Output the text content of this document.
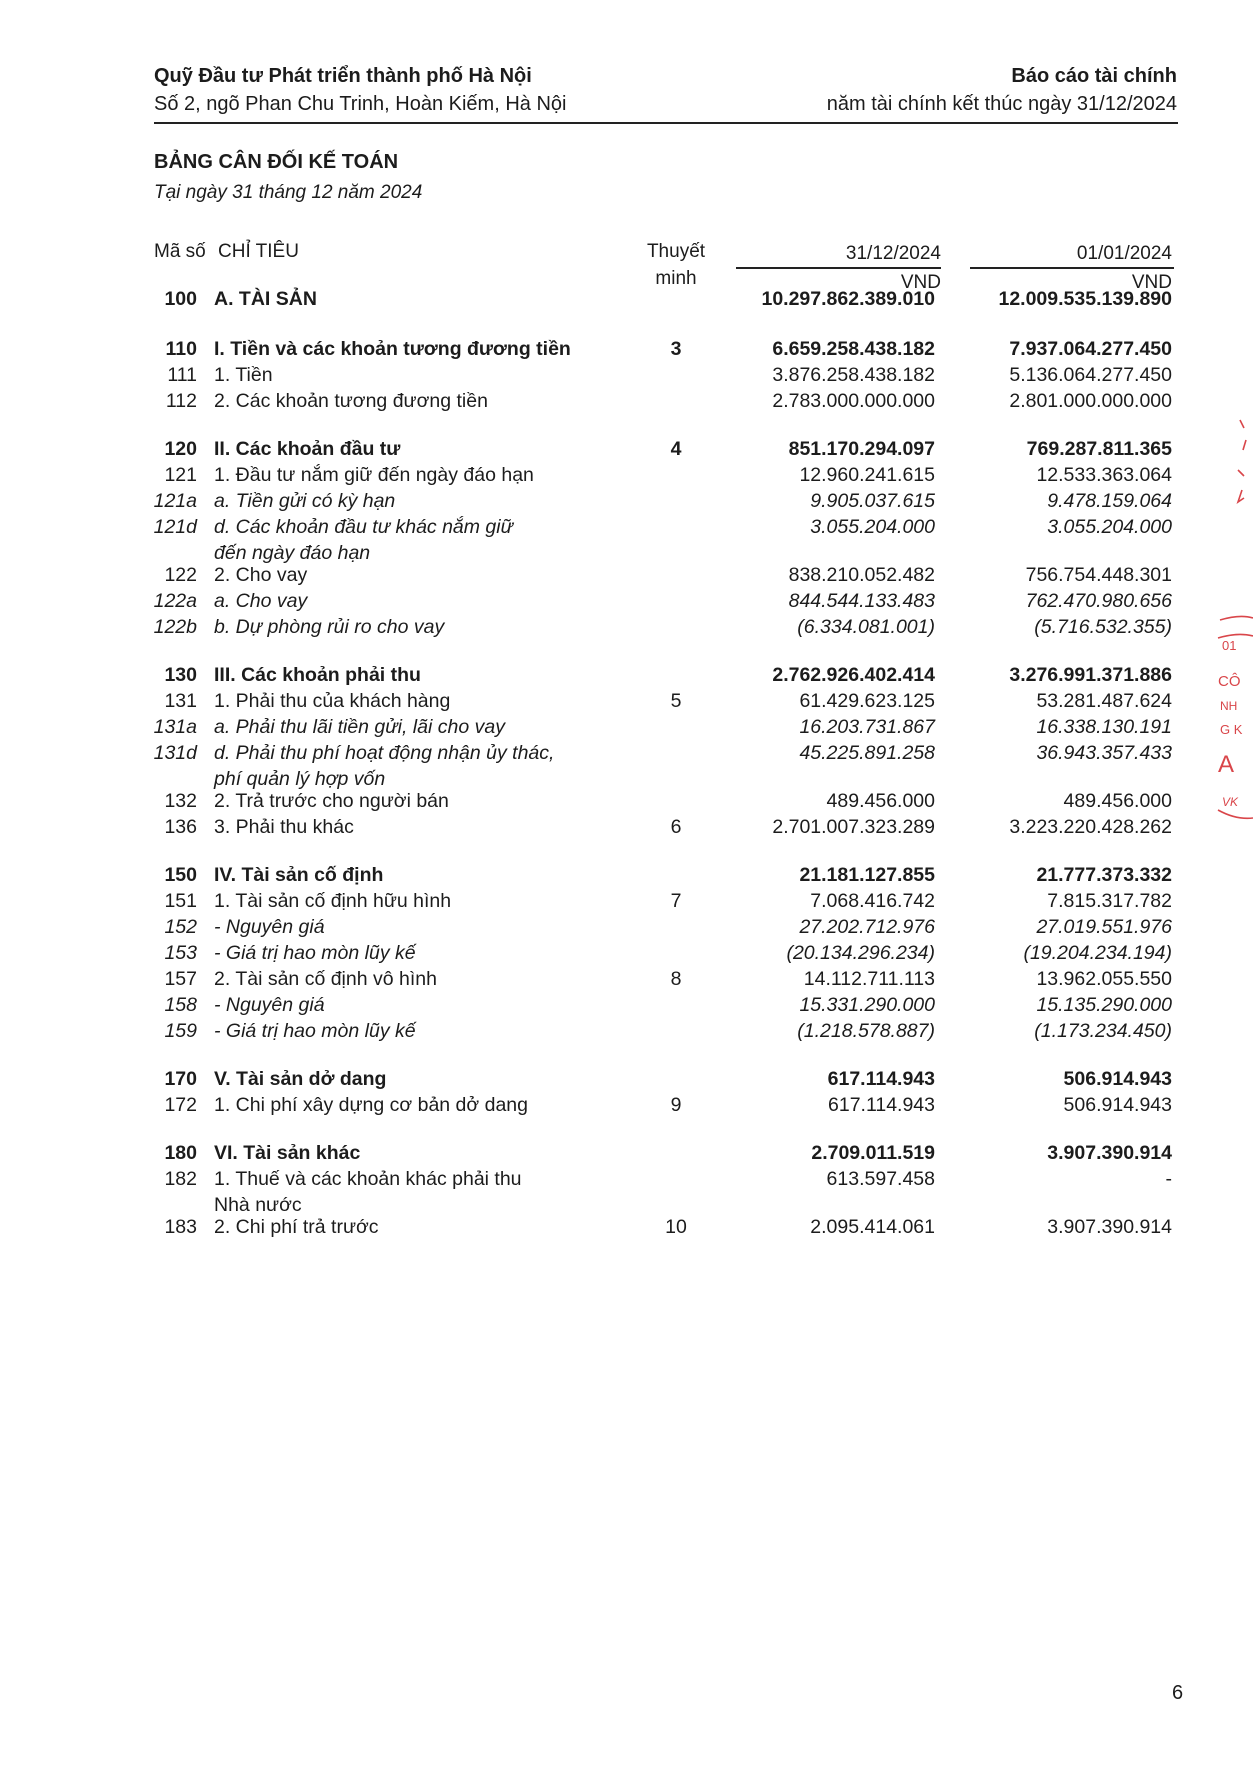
Quỹ Đầu tư Phát triển thành phố Hà Nội
Số 2, ngõ Phan Chu Trinh, Hoàn Kiếm, Hà Nội
Báo cáo tài chính
năm tài chính kết thúc ngày 31/12/2024
BẢNG CÂN ĐỐI KẾ TOÁN
Tại ngày 31 tháng 12 năm 2024
Mã số CHỈ TIÊU	Thuyết
minh
31/12/2024	01/01/2024
VND	VND
100 A. TÀI SẢN	10.297.862.389.010	12.009.535.139.890
110 I. Tiền và các khoản tương đương tiền	3	6.659.258.438.182	7.937.064.277.450
111 1. Tiền	3.876.258.438.182	5.136.064.277.450
112 2. Các khoản tương đương tiền	2.783.000.000.000	2.801.000.000.000
120 II. Các khoản đầu tư	4	851.170.294.097	769.287.811.365
121 1. Đầu tư nắm giữ đến ngày đáo hạn	12.960.241.615	12.533.363.064
121a a. Tiền gửi có kỳ hạn	9.905.037.615	9.478.159.064
121d d. Các khoản đầu tư khác nắm giữ
đến ngày đáo hạn
3.055.204.000	3.055.204.000
122 2. Cho vay	838.210.052.482	756.754.448.301
122a a. Cho vay	844.544.133.483	762.470.980.656
122b b. Dự phòng rủi ro cho vay	(6.334.081.001)	(5.716.532.355)
130 III. Các khoản phải thu	2.762.926.402.414	3.276.991.371.886
131 1. Phải thu của khách hàng	5	61.429.623.125	53.281.487.624
131a a. Phải thu lãi tiền gửi, lãi cho vay	16.203.731.867	16.338.130.191
131d d. Phải thu phí hoạt động nhận ủy thác,
phí quản lý hợp vốn
45.225.891.258	36.943.357.433
132 2. Trả trước cho người bán	489.456.000	489.456.000
136 3. Phải thu khác	6	2.701.007.323.289	3.223.220.428.262
150 IV. Tài sản cố định	21.181.127.855	21.777.373.332
151 1. Tài sản cố định hữu hình	7	7.068.416.742	7.815.317.782
152 - Nguyên giá	27.202.712.976	27.019.551.976
153 - Giá trị hao mòn lũy kế	(20.134.296.234)	(19.204.234.194)
157 2. Tài sản cố định vô hình	8	14.112.711.113	13.962.055.550
158 - Nguyên giá	15.331.290.000	15.135.290.000
159 - Giá trị hao mòn lũy kế	(1.218.578.887)	(1.173.234.450)
170 V. Tài sản dở dang	617.114.943	506.914.943
172 1. Chi phí xây dựng cơ bản dở dang	9	617.114.943	506.914.943
180 VI. Tài sản khác	2.709.011.519	3.907.390.914
182 1. Thuế và các khoản khác phải thu
Nhà nước
613.597.458	-
183 2. Chi phí trả trước	10	2.095.414.061	3.907.390.914
6
01
CÔ
NH
G K
A
VK
